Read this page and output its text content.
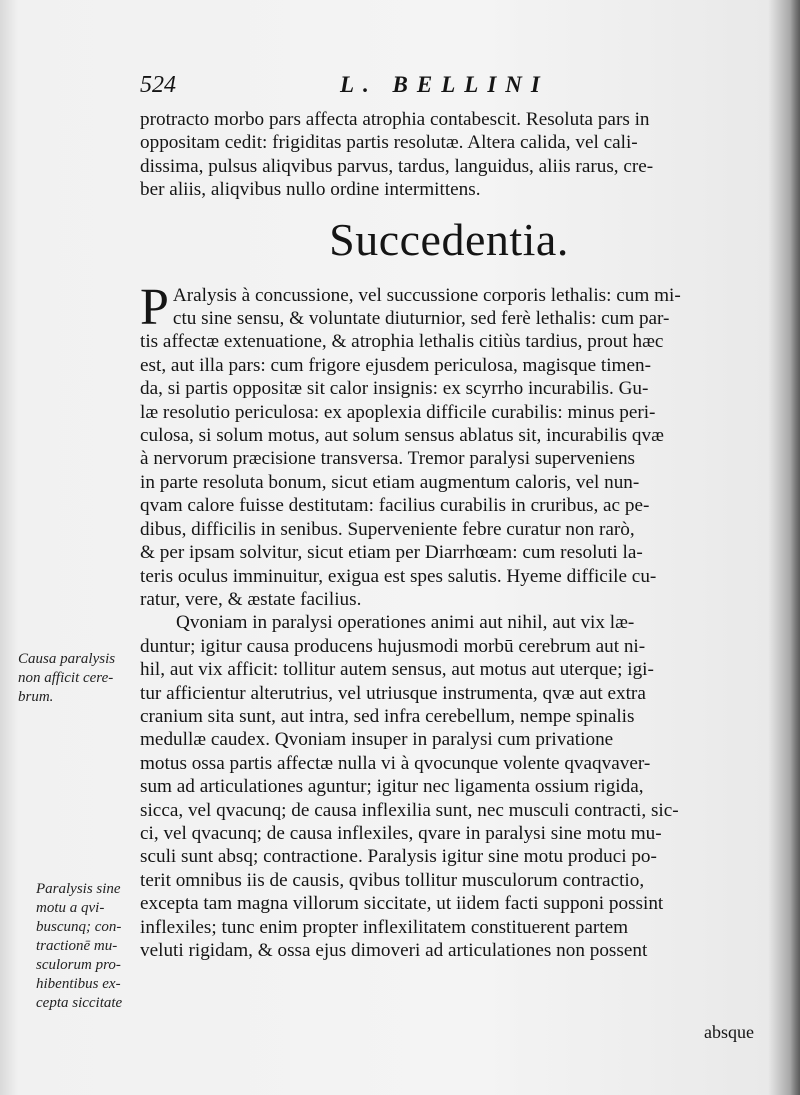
524	L. BELLINI

protracto morbo pars affecta atrophia contabescit. Resoluta pars in
oppositam cedit: frigiditas partis resolutæ. Altera calida, vel cali-
dissima, pulsus aliqvibus parvus, tardus, languidus, aliis rarus, cre-
ber aliis, aliqvibus nullo ordine intermittens.

Succedentia.

P Aralysis à concussione, vel succussione corporis lethalis: cum mi-
ctu sine sensu, & voluntate diuturnior, sed ferè lethalis: cum par-
tis affectæ extenuatione, & atrophia lethalis citiùs tardius, prout hæc
est, aut illa pars: cum frigore ejusdem periculosa, magisque timen-
da, si partis oppositæ sit calor insignis: ex scyrrho incurabilis. Gu-
læ resolutio periculosa: ex apoplexia difficile curabilis: minus peri-
culosa, si solum motus, aut solum sensus ablatus sit, incurabilis qvæ
à nervorum præcisione transversa. Tremor paralysi superveniens
in parte resoluta bonum, sicut etiam augmentum caloris, vel nun-
qvam calore fuisse destitutam: facilius curabilis in cruribus, ac pe-
dibus, difficilis in senibus. Superveniente febre curatur non rarò,
& per ipsam solvitur, sicut etiam per Diarrhœam: cum resoluti la-
teris oculus imminuitur, exigua est spes salutis. Hyeme difficile cu-
ratur, vere, & æstate facilius.

Qvoniam in paralysi operationes animi aut nihil, aut vix læ-
duntur; igitur causa producens hujusmodi morbū cerebrum aut ni-
hil, aut vix afficit: tollitur autem sensus, aut motus aut uterque; igi-
tur afficientur alterutrius, vel utriusque instrumenta, qvæ aut extra
cranium sita sunt, aut intra, sed infra cerebellum, nempe spinalis
medullæ caudex. Qvoniam insuper in paralysi cum privatione
motus ossa partis affectæ nulla vi à qvocunque volente qvaqvaver-
sum ad articulationes aguntur; igitur nec ligamenta ossium rigida,
sicca, vel qvacunq; de causa inflexilia sunt, nec musculi contracti, sic-
ci, vel qvacunq; de causa inflexiles, qvare in paralysi sine motu mu-
sculi sunt absq; contractione. Paralysis igitur sine motu produci po-
terit omnibus iis de causis, qvibus tollitur musculorum contractio,
excepta tam magna villorum siccitate, ut iidem facti supponi possint
inflexiles; tunc enim propter inflexilitatem constituerent partem
veluti rigidam, & ossa ejus dimoveri ad articulationes non possent

Causa paralysis
non afficit cere-
brum.
Paralysis sine
motu a qvi-
buscunq; con-
tractionē mu-
sculorum pro-
hibentibus ex-
cepta siccitate
absque
